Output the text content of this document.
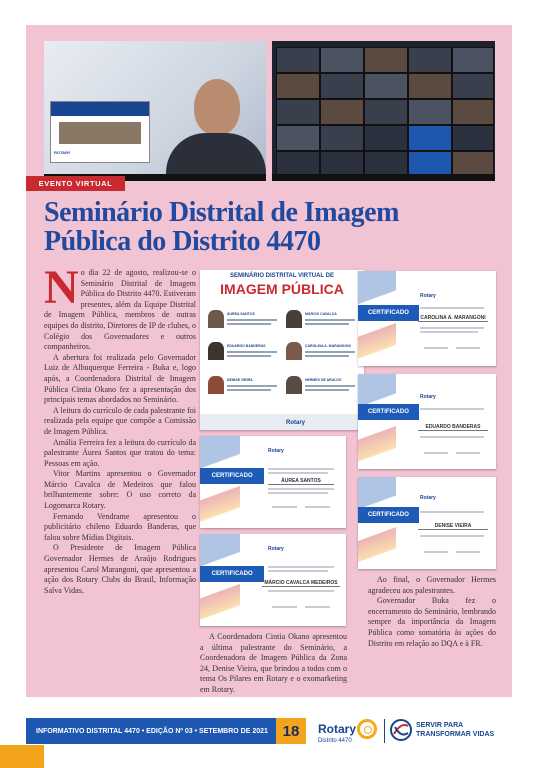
ROTARY
EVENTO VIRTUAL
Seminário Distrital de Imagem
Pública do Distrito 4470

No dia 22 de agosto, realizou-se o Seminário Distrital de Imagem Pública do Distrito 4470. Estiveram presentes, além da Equipe Distrital de Imagem Pública, membros de outras equipes do distrito, Diretores de IP de clubes, o Colégio dos Governadores e outros companheiros.

A abertura foi realizada pelo Governador Luiz de Albuquerque Ferreira - Buka e, logo após, a Coordenadora Distrital de Imagem Pública Cintia Okano fez a apresentação dos principais temas abordados no Seminário.

A leitura do currículo de cada palestrante foi realizada pela equipe que compõe a Comissão de Imagem Pública.

Amália Ferreira fez a leitura do currículo da palestrante Áurea Santos que tratou do tema: Pessoas em ação.

Vitor Martins apresentou o Governador Márcio Cavalca de Medeiros que falou brilhantemente sobre: O uso correto da Logomarca Rotary.

Fernando Vendrame apresentou o publicitário chileno Eduardo Banderas, que falou sobre Mídias Digitais.

O Presidente de Imagem Pública Governador Hermes de Araújo Rodrigues apresentou Carol Marangoni, que apresentou a ação dos Rotary Clubs do Brasil, Informação Salva Vidas.

SEMINÁRIO DISTRITAL VIRTUAL DE
IMAGEM PÚBLICA
ÁUREA SANTOS	MÁRCIO CAVALCA
EDUARDO BANDERAS	CAROLINA A. MARANGONI
DENISE VIEIRA	HERMES DE ARAÚJO
Rotary
CERTIFICADO
Rotary
ÁUREA SANTOS
CERTIFICADO
Rotary
MÁRCIO CAVALCA MEDEIROS
CERTIFICADO
Rotary
CAROLINA A. MARANGONI
CERTIFICADO
Rotary
EDUARDO BANDERAS
CERTIFICADO
Rotary
DENISE VIEIRA

A Coordenadora Cintia Okano apresentou a última palestrante do Seminário, a Coordenadora de Imagem Pública da Zona 24, Denise Vieira, que brindou a todos com o tema Os Pilares em Rotary e o exomarketing em Rotary.

Ao final, o Governador Hermes agradeceu aos palestrantes.

Governador Buka fez o encerramento do Seminário, lembrando sempre da importância da Imagem Pública como somatória às ações do Distrito em relação ao DQA e à FR.

INFORMATIVO DISTRITAL 4470 • EDIÇÃO Nº 03 • SETEMBRO DE 2021 18	Rotary
Distrito 4470
SERVIR PARA
TRANSFORMAR VIDAS
